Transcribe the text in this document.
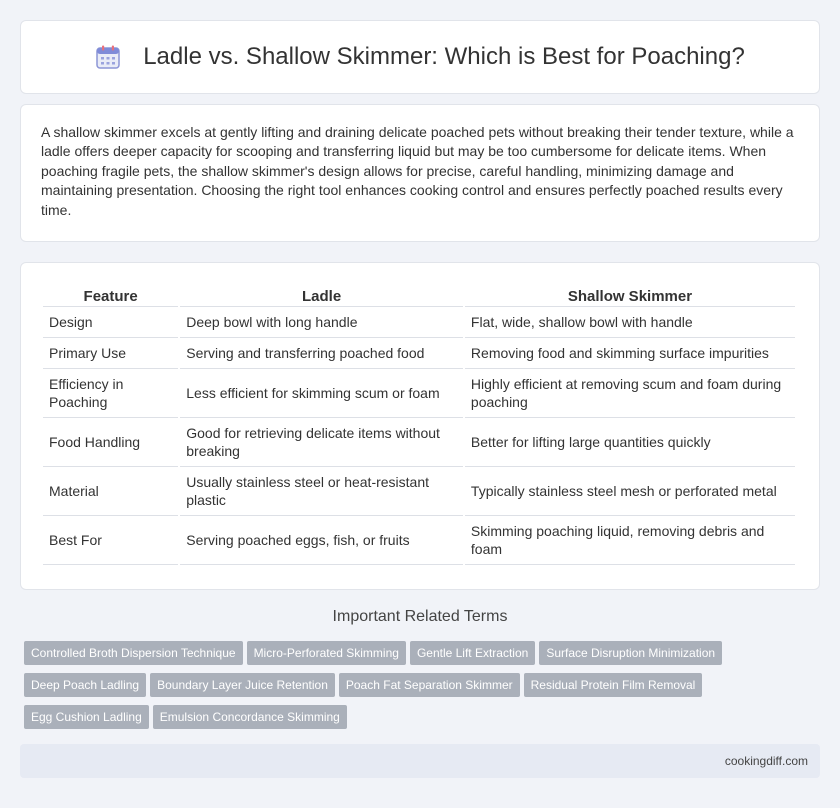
Ladle vs. Shallow Skimmer: Which is Best for Poaching?

A shallow skimmer excels at gently lifting and draining delicate poached pets without breaking their tender texture, while a ladle offers deeper capacity for scooping and transferring liquid but may be too cumbersome for delicate items. When poaching fragile pets, the shallow skimmer's design allows for precise, careful handling, minimizing damage and maintaining presentation. Choosing the right tool enhances cooking control and ensures perfectly poached results every time.

Feature	Ladle	Shallow Skimmer
Design	Deep bowl with long handle	Flat, wide, shallow bowl with handle
Primary Use	Serving and transferring poached food	Removing food and skimming surface impurities
Efficiency in Poaching	Less efficient for skimming scum or foam	Highly efficient at removing scum and foam during poaching
Food Handling	Good for retrieving delicate items without breaking	Better for lifting large quantities quickly
Material	Usually stainless steel or heat-resistant plastic	Typically stainless steel mesh or perforated metal
Best For	Serving poached eggs, fish, or fruits	Skimming poaching liquid, removing debris and foam
Important Related Terms
Controlled Broth Dispersion Technique Micro-Perforated Skimming Gentle Lift Extraction Surface Disruption Minimization
Deep Poach Ladling Boundary Layer Juice Retention Poach Fat Separation Skimmer Residual Protein Film Removal
Egg Cushion Ladling Emulsion Concordance Skimming
cookingdiff.com
